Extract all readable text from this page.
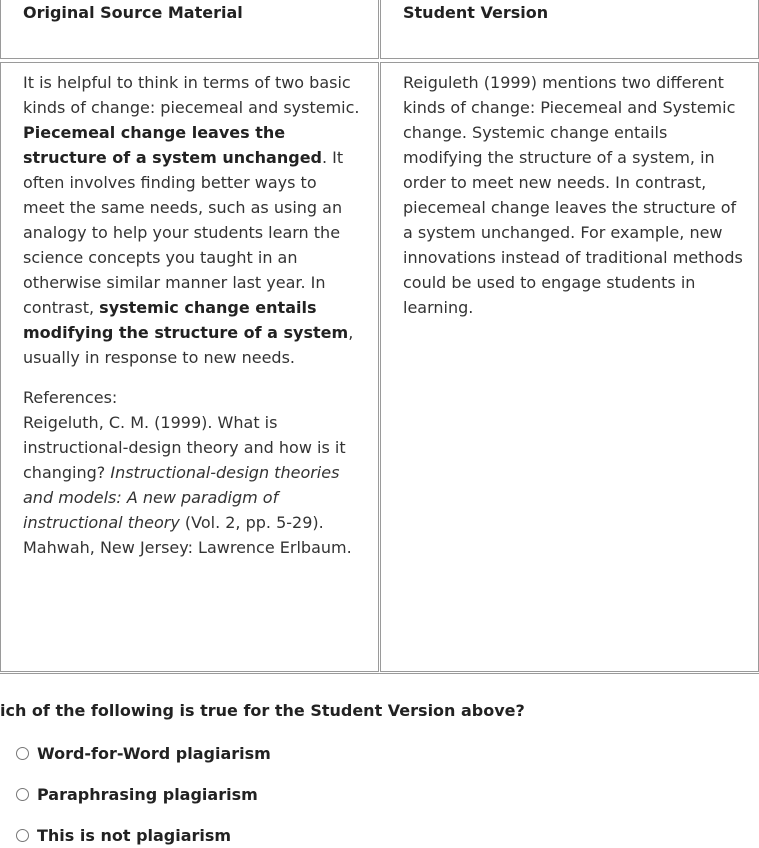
Original Source Material	Student Version

It is helpful to think in terms of two basic kinds of change: piecemeal and systemic. Piecemeal change leaves the structure of a system unchanged. It often involves finding better ways to meet the same needs, such as using an analogy to help your students learn the science concepts you taught in an otherwise similar manner last year. In contrast, systemic change entails modifying the structure of a system, usually in response to new needs.

References:

Reigeluth, C. M. (1999). What is instructional-design theory and how is it changing? Instructional-design theories and models: A new paradigm of instructional theory (Vol. 2, pp. 5-29). Mahwah, New Jersey: Lawrence Erlbaum.

Reiguleth (1999) mentions two different kinds of change: Piecemeal and Systemic change. Systemic change entails modifying the structure of a system, in order to meet new needs. In contrast, piecemeal change leaves the structure of a system unchanged. For example, new innovations instead of traditional methods could be used to engage students in learning.
ich of the following is true for the Student Version above?
Word-for-Word plagiarism
Paraphrasing plagiarism
This is not plagiarism
